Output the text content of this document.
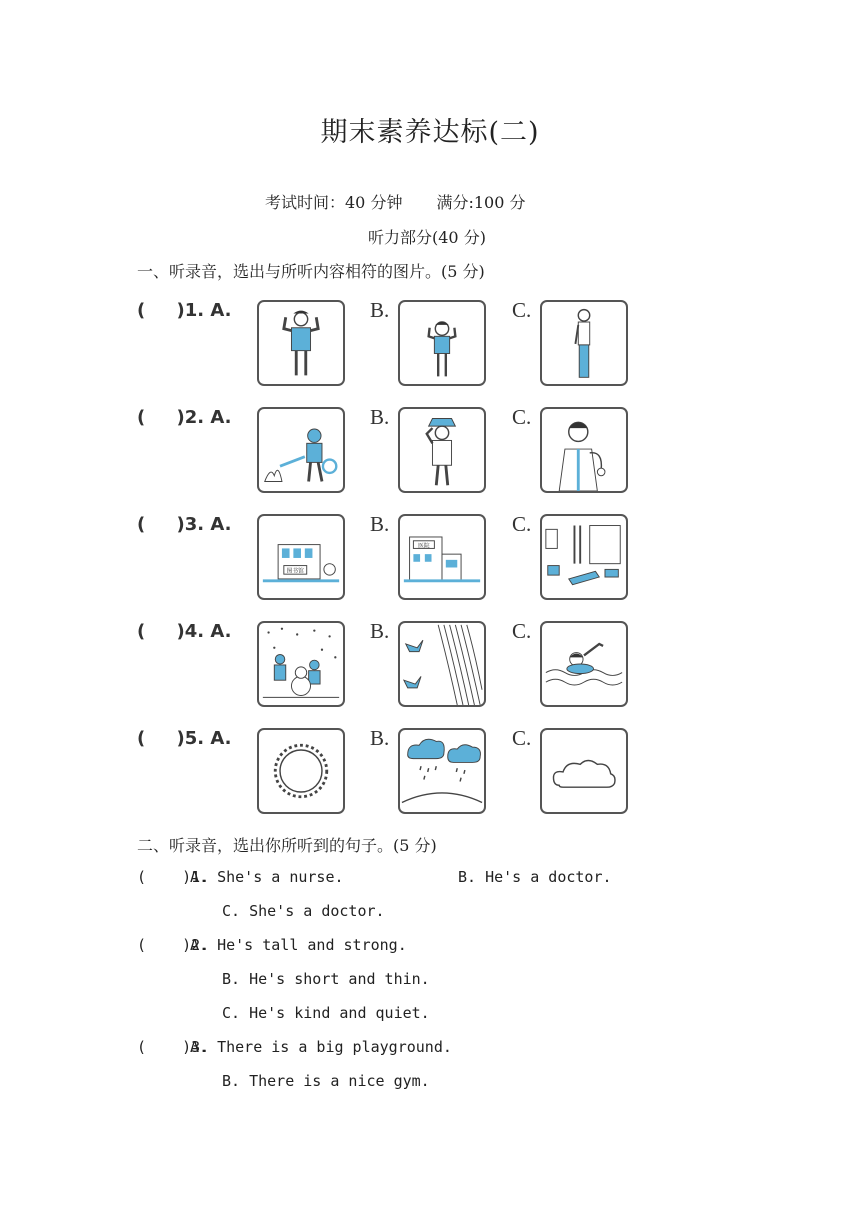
期末素养达标(二)
考试时间：40 分钟 满分:100 分
听力部分(40 分)
一、听录音，选出与所听内容相符的图片。(5 分)
(     )1. A.	B.	C.
(     )2. A.	B.	C.
(     )3. A.	B.	C.
图书馆
医院
(     )4. A.	B.	C.
(     )5. A.	B.	C.
二、听录音，选出你所听到的句子。(5 分)
(    )1.
A. She's a nurse.	B. He's a doctor.
C. She's a doctor.
(    )2.
A. He's tall and strong.
B. He's short and thin.
C. He's kind and quiet.
(    )3.
A. There is a big playground.
B. There is a nice gym.
